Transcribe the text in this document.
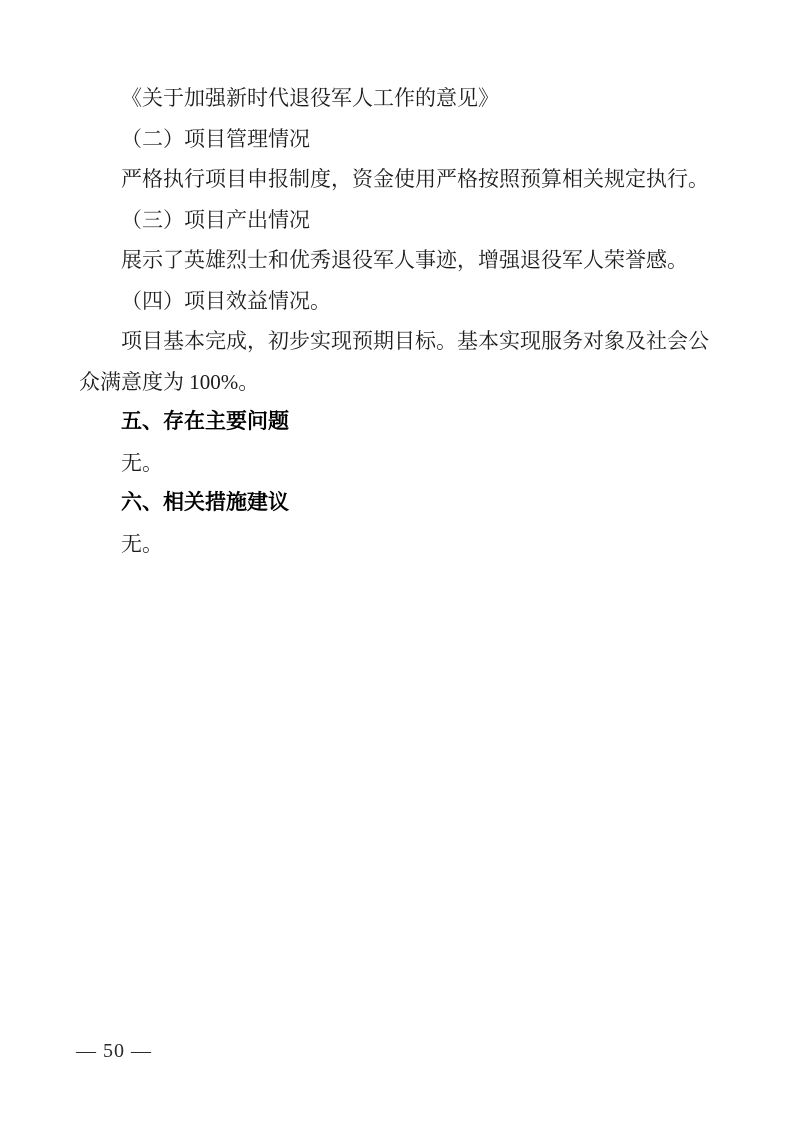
《关于加强新时代退役军人工作的意见》

（二）项目管理情况

严格执行项目申报制度，资金使用严格按照预算相关规定执行。

（三）项目产出情况

展示了英雄烈士和优秀退役军人事迹，增强退役军人荣誉感。

（四）项目效益情况。

项目基本完成，初步实现预期目标。基本实现服务对象及社会公众满意度为 100%。

五、存在主要问题

无。

六、相关措施建议

无。

— 50 —
